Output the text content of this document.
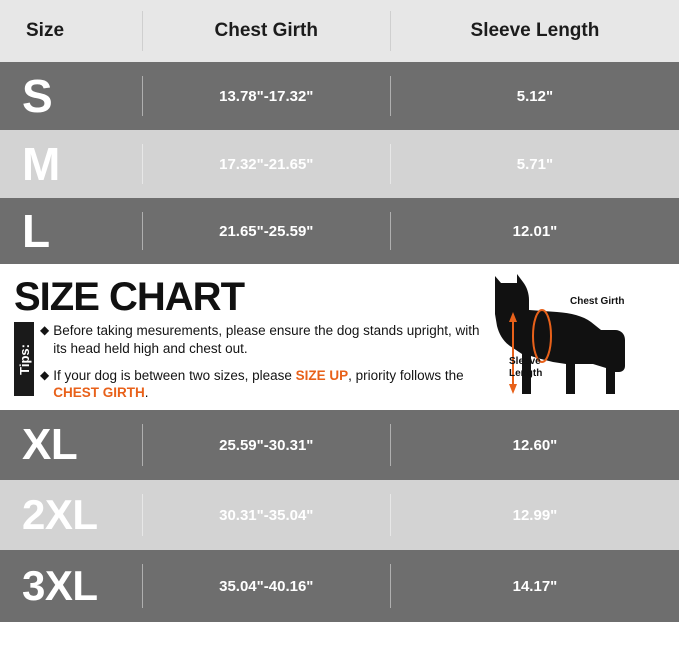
Size	Chest Girth	Sleeve Length
S	13.78"-17.32"	5.12"
M	17.32"-21.65"	5.71"
L	21.65"-25.59"	12.01"
SIZE CHART
Tips:
◆ Before taking mesurements, please ensure the dog stands upright, with its head held high and chest out.
◆ If your dog is between two sizes, please SIZE UP, priority follows the CHEST GIRTH.
Chest Girth
Sleeve
Length
XL	25.59"-30.31"	12.60"
2XL	30.31"-35.04"	12.99"
3XL	35.04"-40.16"	14.17"
